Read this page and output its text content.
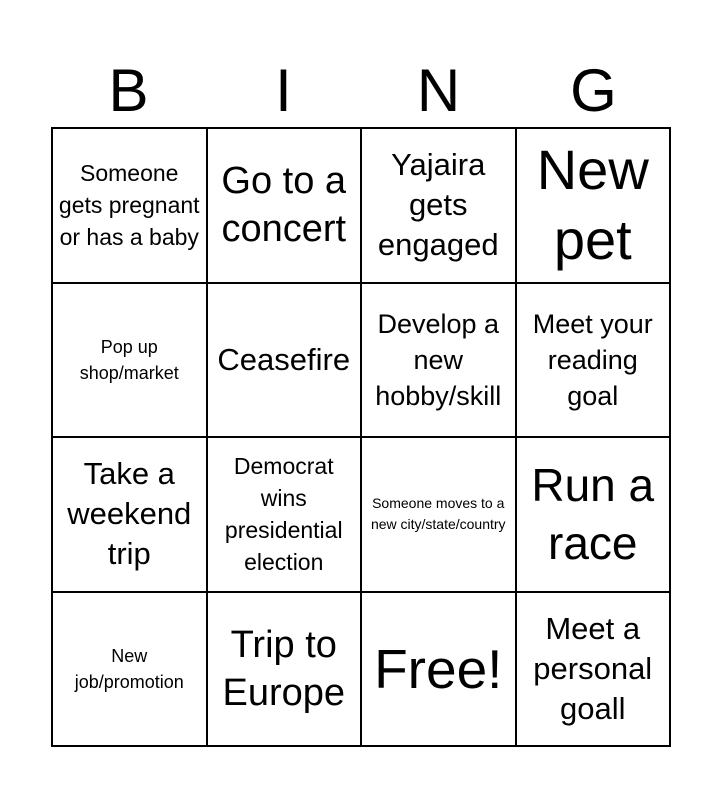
B	I	N	G
Someone gets pregnant or has a baby
Go to a concert
Yajaira gets engaged
New pet
Pop up shop/market	Ceasefire
Develop a new hobby/skill
Meet your reading goal
Take a weekend trip
Democrat wins presidential election
Someone moves to a new city/state/country
Run a race
New job/promotion
Trip to Europe Free!
Meet a personal goall
